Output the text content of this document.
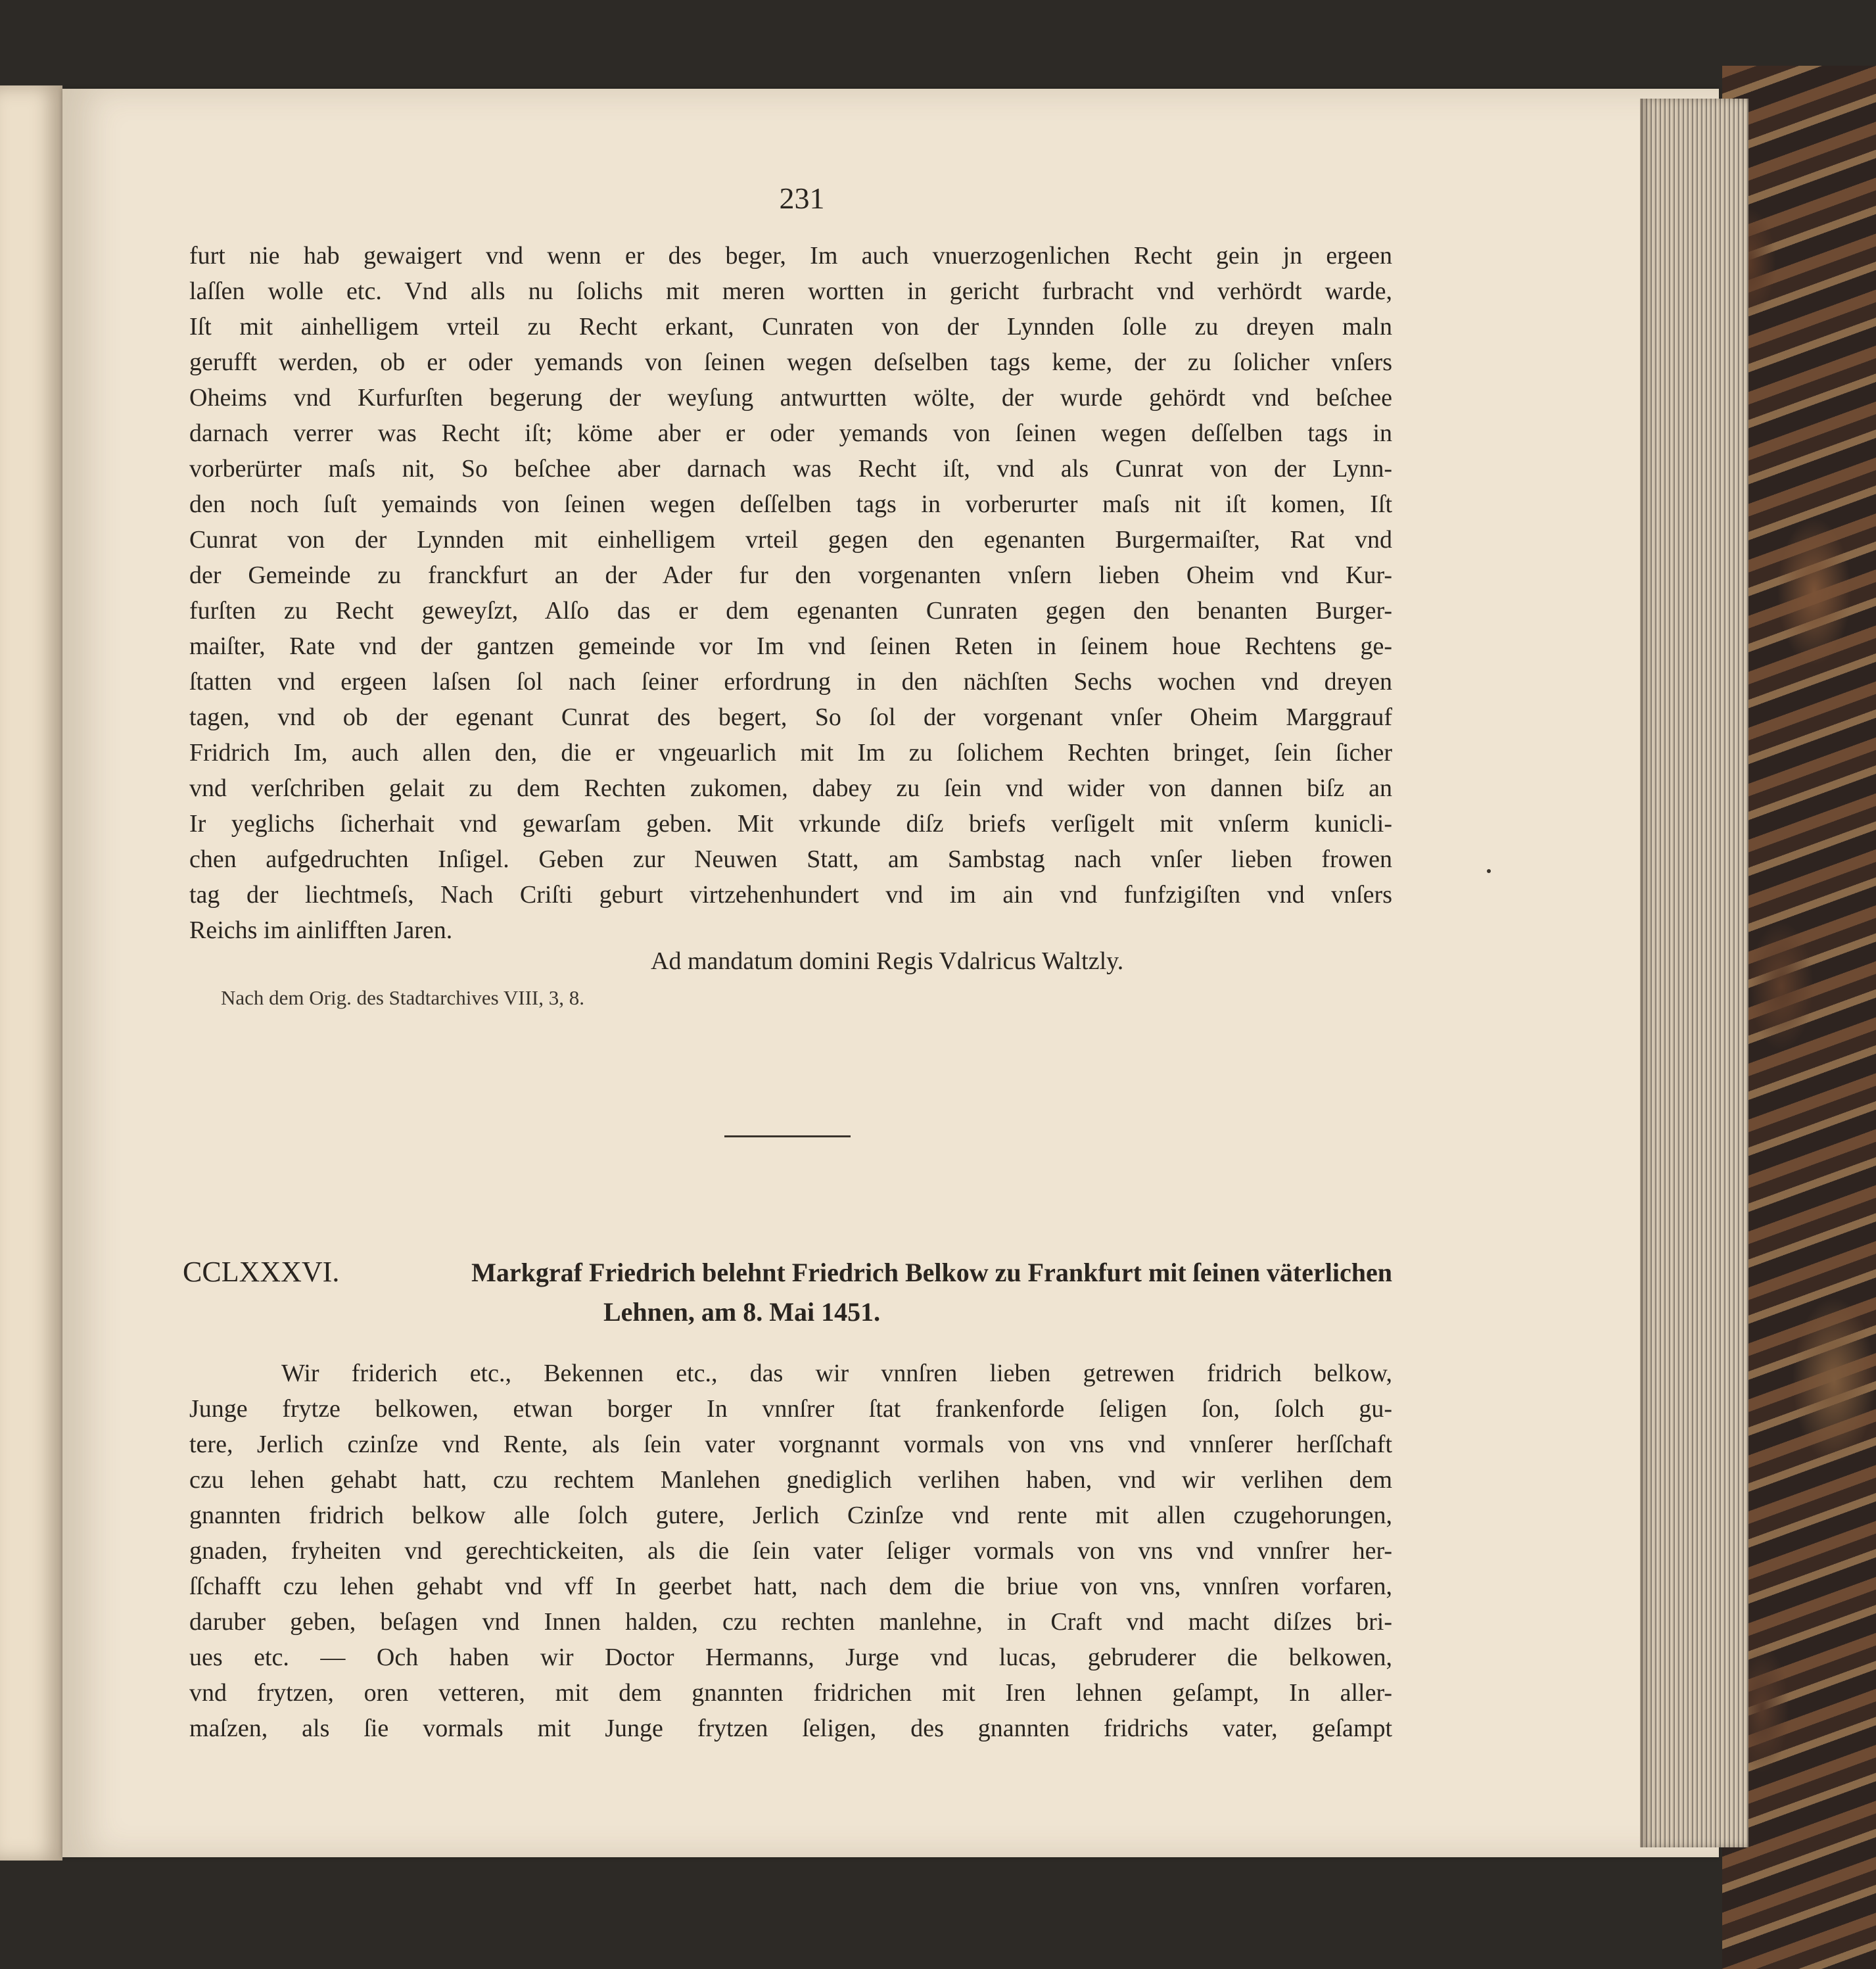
231
furt nie hab gewaigert vnd wenn er des beger, Im auch vnuerzogenlichen Recht gein jn ergeen
laſſen wolle etc. Vnd alls nu ſolichs mit meren wortten in gericht furbracht vnd verhördt warde,
Iſt mit ainhelligem vrteil zu Recht erkant, Cunraten von der Lynnden ſolle zu dreyen maln
gerufft werden, ob er oder yemands von ſeinen wegen deſselben tags keme, der zu ſolicher vnſers
Oheims vnd Kurfurſten begerung der weyſung antwurtten wölte, der wurde gehördt vnd beſchee
darnach verrer was Recht iſt; köme aber er oder yemands von ſeinen wegen deſſelben tags in
vorberürter maſs nit, So beſchee aber darnach was Recht iſt, vnd als Cunrat von der Lynn-
den noch ſuſt yemainds von ſeinen wegen deſſelben tags in vorberurter maſs nit iſt komen, Iſt
Cunrat von der Lynnden mit einhelligem vrteil gegen den egenanten Burgermaiſter, Rat vnd
der Gemeinde zu franckfurt an der Ader fur den vorgenanten vnſern lieben Oheim vnd Kur-
furſten zu Recht geweyſzt, Alſo das er dem egenanten Cunraten gegen den benanten Burger-
maiſter, Rate vnd der gantzen gemeinde vor Im vnd ſeinen Reten in ſeinem houe Rechtens ge-
ſtatten vnd ergeen laſsen ſol nach ſeiner erfordrung in den nächſten Sechs wochen vnd dreyen
tagen, vnd ob der egenant Cunrat des begert, So ſol der vorgenant vnſer Oheim Marggrauf
Fridrich Im, auch allen den, die er vngeuarlich mit Im zu ſolichem Rechten bringet, ſein ſicher
vnd verſchriben gelait zu dem Rechten zukomen, dabey zu ſein vnd wider von dannen biſz an
Ir yeglichs ſicherhait vnd gewarſam geben. Mit vrkunde diſz briefs verſigelt mit vnſerm kunicli-
chen aufgedruchten Inſigel. Geben zur Neuwen Statt, am Sambstag nach vnſer lieben frowen
tag der liechtmeſs, Nach Criſti geburt virtzehenhundert vnd im ain vnd funfzigiſten vnd vnſers
Reichs im ainlifften Jaren.
Ad mandatum domini Regis Vdalricus Waltzly.
Nach dem Orig. des Stadtarchives VIII, 3, 8.
CCLXXXVI.	Markgraf Friedrich belehnt Friedrich Belkow zu Frankfurt mit ſeinen väterlichen
Lehnen, am 8. Mai 1451.
Wir friderich etc., Bekennen etc., das wir vnnſren lieben getrewen fridrich belkow,
Junge frytze belkowen, etwan borger In vnnſrer ſtat frankenforde ſeligen ſon, ſolch gu-
tere, Jerlich czinſze vnd Rente, als ſein vater vorgnannt vormals von vns vnd vnnſerer herſſchaft
czu lehen gehabt hatt, czu rechtem Manlehen gnediglich verlihen haben, vnd wir verlihen dem
gnannten fridrich belkow alle ſolch gutere, Jerlich Czinſze vnd rente mit allen czugehorungen,
gnaden, fryheiten vnd gerechtickeiten, als die ſein vater ſeliger vormals von vns vnd vnnſrer her-
ſſchafft czu lehen gehabt vnd vff In geerbet hatt, nach dem die briue von vns, vnnſren vorfaren,
daruber geben, beſagen vnd Innen halden, czu rechten manlehne, in Craft vnd macht diſzes bri-
ues etc. — Och haben wir Doctor Hermanns, Jurge vnd lucas, gebruderer die belkowen,
vnd frytzen, oren vetteren, mit dem gnannten fridrichen mit Iren lehnen geſampt, In aller-
maſzen, als ſie vormals mit Junge frytzen ſeligen, des gnannten fridrichs vater, geſampt
